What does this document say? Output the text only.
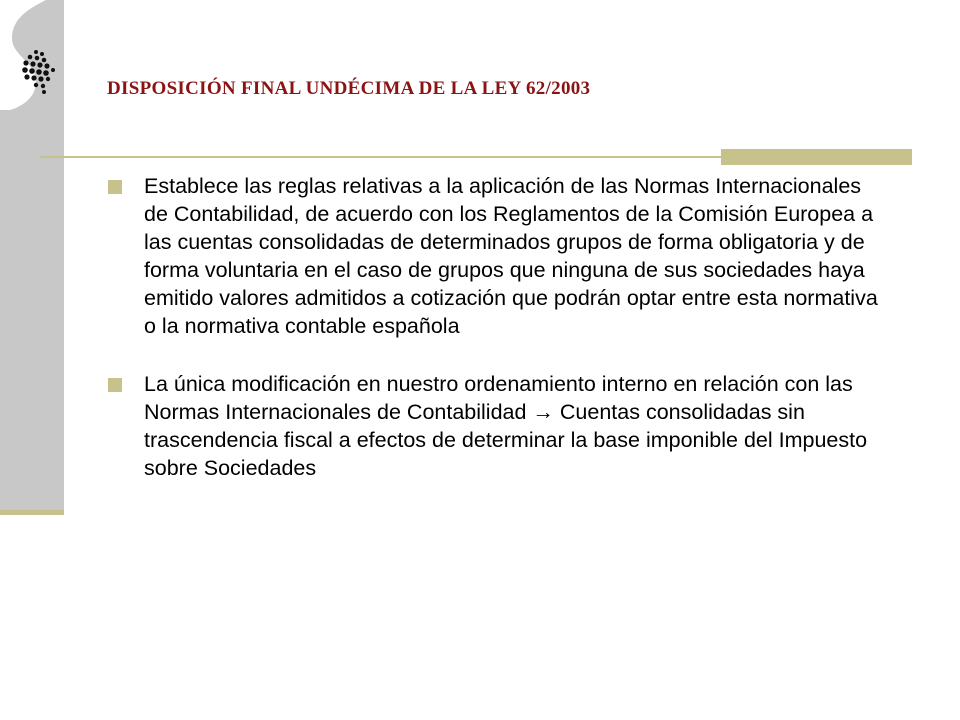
DISPOSICIÓN FINAL UNDÉCIMA DE LA LEY 62/2003
Establece las reglas relativas a la aplicación de las Normas Internacionales de Contabilidad, de acuerdo con los Reglamentos de la Comisión Europea a las cuentas consolidadas de determinados grupos de forma obligatoria y de forma voluntaria en el caso de grupos que ninguna de sus sociedades haya emitido valores admitidos a cotización que podrán optar entre esta normativa o la normativa contable española
La única modificación en nuestro ordenamiento interno en relación con las Normas Internacionales de Contabilidad → Cuentas consolidadas sin trascendencia fiscal a efectos de determinar la base imponible del Impuesto sobre Sociedades
